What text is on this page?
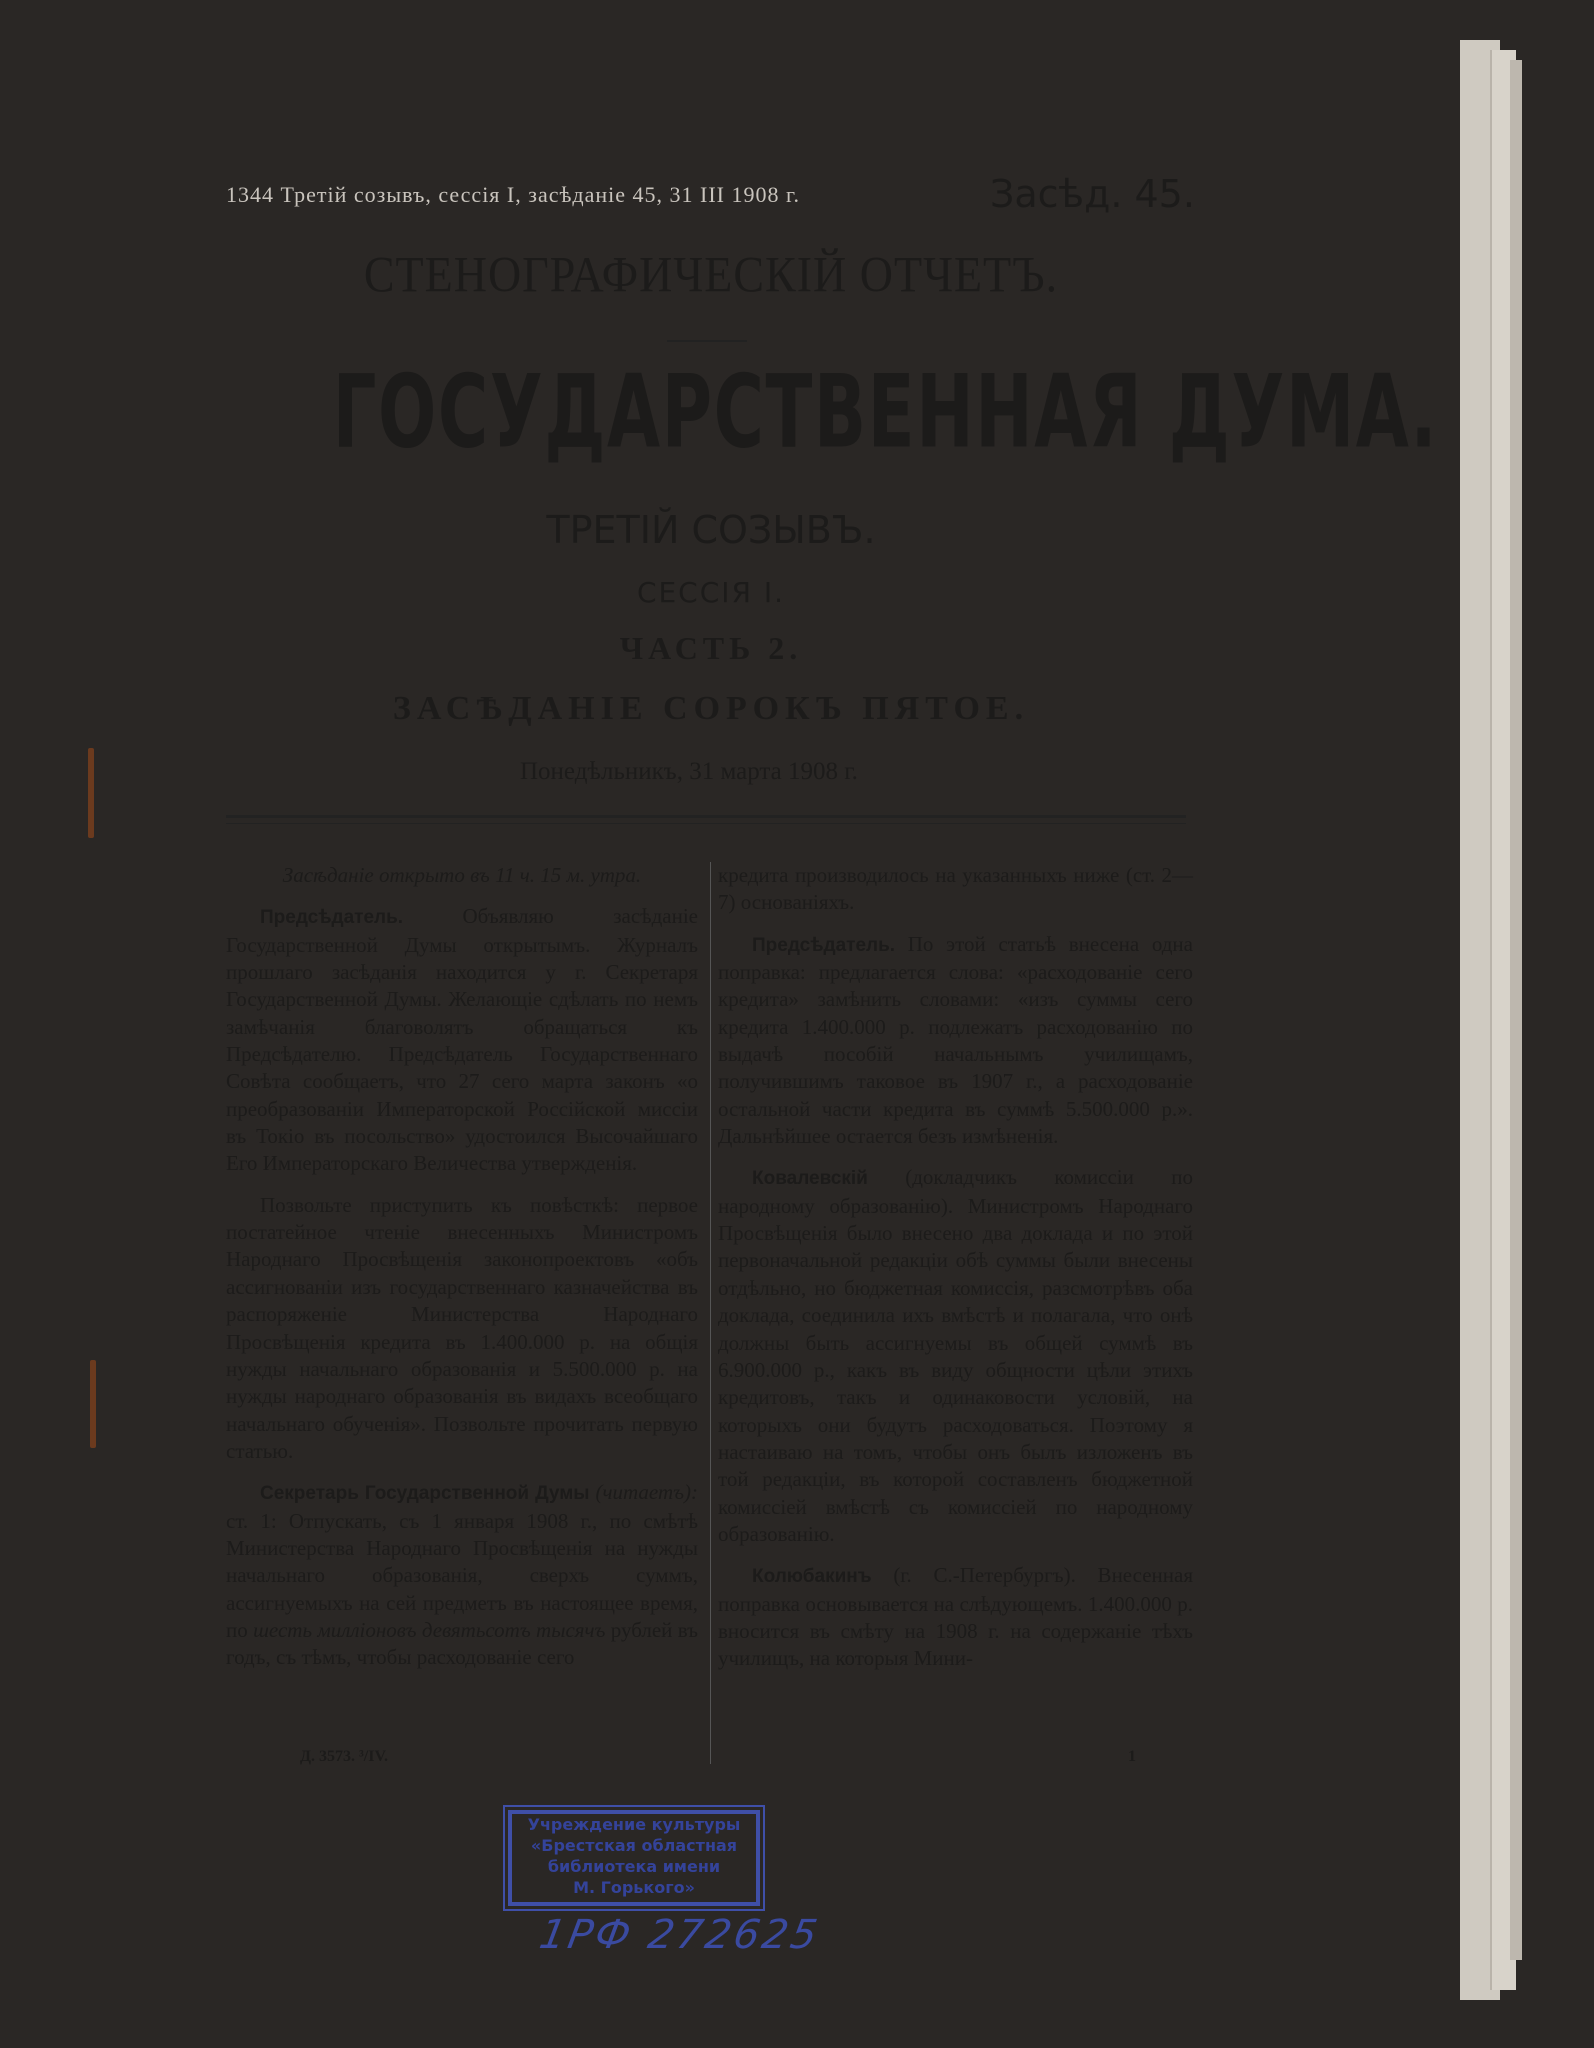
1344 Третій созывъ, сессія I, засѣданіе 45, 31 III 1908 г.	Засѣд. 45.
СТЕНОГРАФИЧЕСКІЙ ОТЧЕТЪ.
ГОСУДАРСТВЕННАЯ ДУМА.
ТРЕТІЙ СОЗЫВЪ.
СЕССІЯ I.
ЧАСТЬ 2.
ЗАСѢДАНІЕ СОРОКЪ ПЯТОЕ.
Понедѣльникъ, 31 марта 1908 г.

Засѣданіе открыто въ 11 ч. 15 м. утра.

Предсѣдатель. Объявляю засѣданіе Государственной Думы открытымъ. Журналъ прошлаго засѣданія находится у г. Секретаря Государственной Думы. Желающіе сдѣлать по немъ замѣчанія благоволятъ обращаться къ Предсѣдателю. Предсѣдатель Государственнаго Совѣта сообщаетъ, что 27 сего марта законъ «о преобразованіи Императорской Россійской миссіи въ Токіо въ посольство» удостоился Высочайшаго Его Императорскаго Величества утвержденія.

Позвольте приступить къ повѣсткѣ: первое постатейное чтеніе внесенныхъ Министромъ Народнаго Просвѣщенія законопроектовъ «объ ассигнованіи изъ государственнаго казначейства въ распоряженіе Министерства Народнаго Просвѣщенія кредита въ 1.400.000 р. на общія нужды начальнаго образованія и 5.500.000 р. на нужды народнаго образованія въ видахъ всеобщаго начальнаго обученія». Позвольте прочитать первую статью.

Секретарь Государственной Думы (читаетъ): ст. 1: Отпускать, съ 1 января 1908 г., по смѣтѣ Министерства Народнаго Просвѣщенія на нужды начальнаго образованія, сверхъ суммъ, ассигнуемыхъ на сей предметъ въ настоящее время, по шесть милліоновъ девятьсотъ тысячъ рублей въ годъ, съ тѣмъ, чтобы расходованіе сего

кредита производилось на указанныхъ ниже (ст. 2—7) основаніяхъ.

Предсѣдатель. По этой статьѣ внесена одна поправка: предлагается слова: «расходованіе сего кредита» замѣнить словами: «изъ суммы сего кредита 1.400.000 р. подлежатъ расходованію по выдачѣ пособій начальнымъ училищамъ, получившимъ таковое въ 1907 г., а расходованіе остальной части кредита въ суммѣ 5.500.000 р.». Дальнѣйшее остается безъ измѣненія.

Ковалевскій (докладчикъ комиссіи по народному образованію). Министромъ Народнаго Просвѣщенія было внесено два доклада и по этой первоначальной редакціи обѣ суммы были внесены отдѣльно, но бюджетная комиссія, разсмотрѣвъ оба доклада, соединила ихъ вмѣстѣ и полагала, что онѣ должны быть ассигнуемы въ общей суммѣ въ 6.900.000 р., какъ въ виду общности цѣли этихъ кредитовъ, такъ и одинаковости условій, на которыхъ они будутъ расходоваться. Поэтому я настаиваю на томъ, чтобы онъ былъ изложенъ въ той редакціи, въ которой составленъ бюджетной комиссіей вмѣстѣ съ комиссіей по народному образованію.

Колюбакинъ (г. С.-Петербургъ). Внесенная поправка основывается на слѣдующемъ. 1.400.000 р. вносится въ смѣту на 1908 г. на содержаніе тѣхъ училищъ, на которыя Мини-

Д. 3573. ³/IV.	1
Учреждение культуры
«Брестская областная
библиотека имени
М. Горького»
1РФ 272625
